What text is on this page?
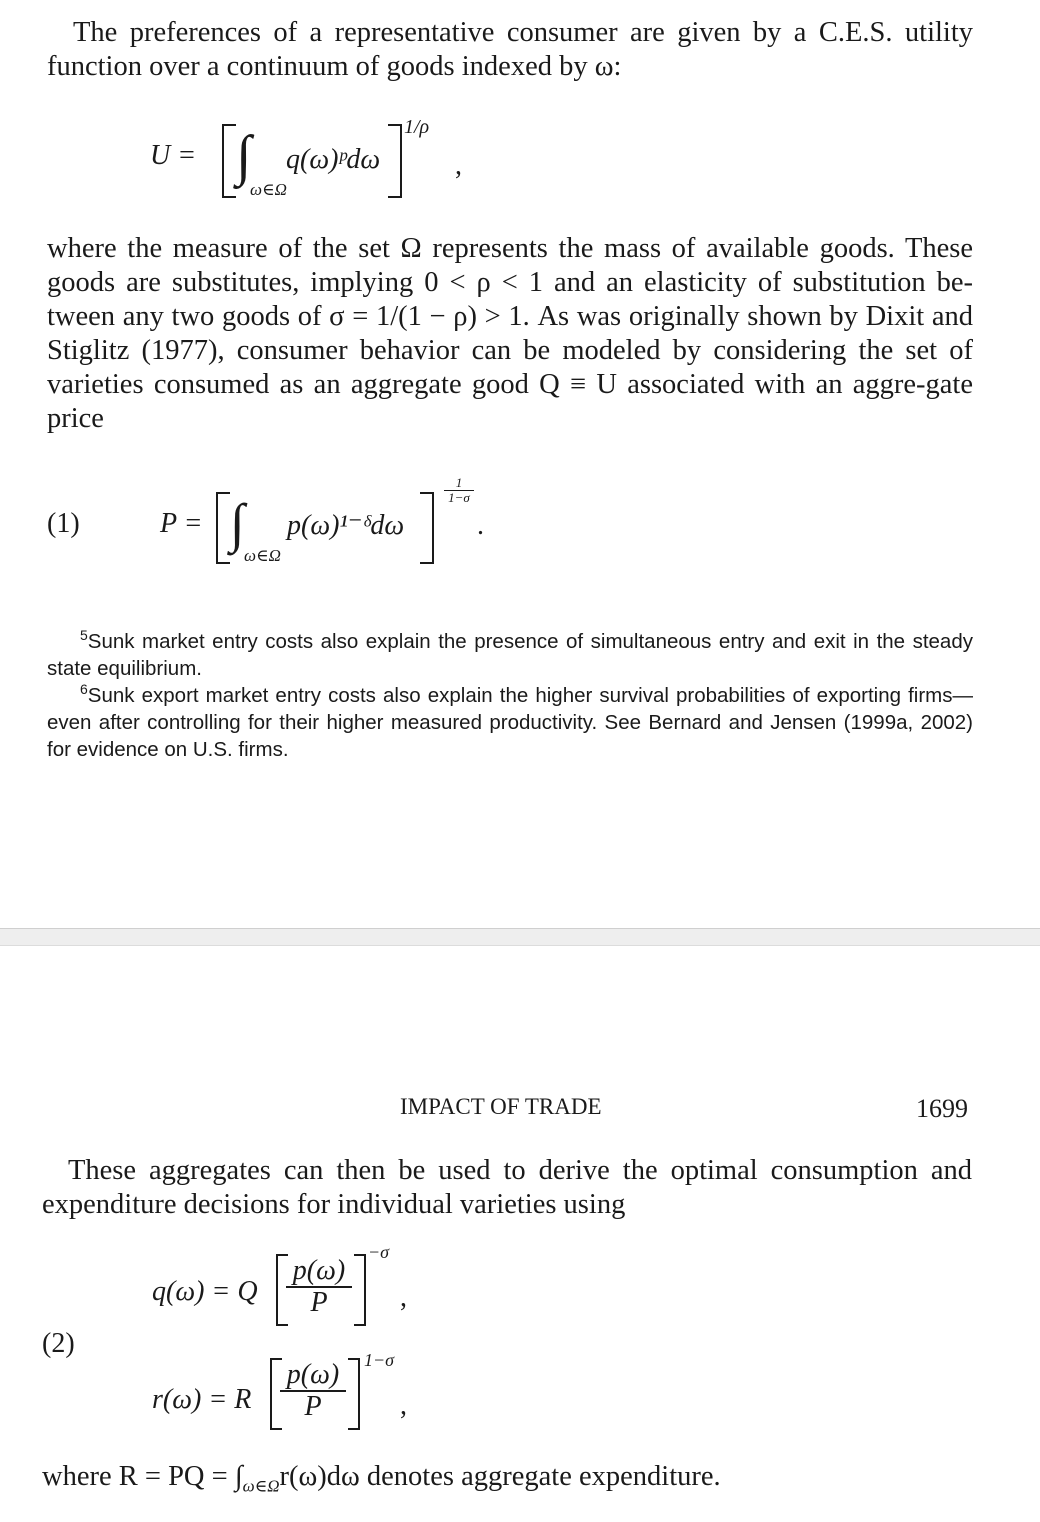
The preferences of a representative consumer are given by a C.E.S. utility function over a continuum of goods indexed by ω:

U = ∫
ω∈Ω
q(ω)ᵖdω
1/ρ
,

where the measure of the set Ω represents the mass of available goods. These goods are substitutes, implying 0 < ρ < 1 and an elasticity of substitution be-tween any two goods of σ = 1/(1 − ρ) > 1. As was originally shown by Dixit and Stiglitz (1977), consumer behavior can be modeled by considering the set of varieties consumed as an aggregate good Q ≡ U associated with an aggre-gate price

(1)	P = ∫
ω∈Ω
p(ω)¹⁻ᵟdω
$\frac{1}{1-\sigma}$
.

$^5$Sunk market entry costs also explain the presence of simultaneous entry and exit in the steady state equilibrium.

$^6$Sunk export market entry costs also explain the higher survival probabilities of exporting firms—even after controlling for their higher measured productivity. See Bernard and Jensen (1999a, 2002) for evidence on U.S. firms.

IMPACT OF TRADE	1699

These aggregates can then be used to derive the optimal consumption and expenditure decisions for individual varieties using

(2)
q(ω) = Q $\frac{p(\omega)}{P}$
−σ
,
r(ω) = R $\frac{p(\omega)}{P} 1-\sigma$
,

where R = PQ = $\int_{\omega\in\Omega}r(\omega)d\omega$ denotes aggregate expenditure.
